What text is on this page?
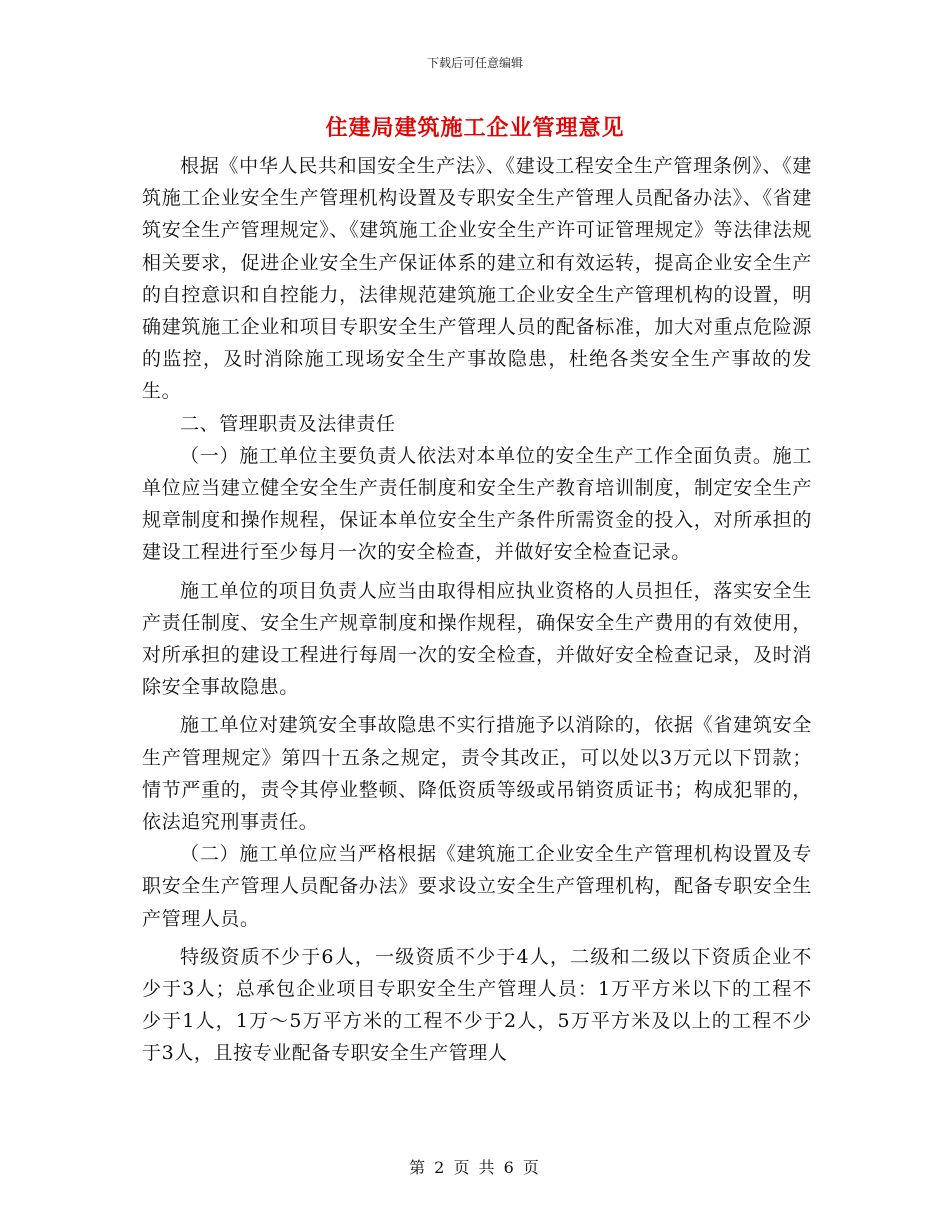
下载后可任意编辑
住建局建筑施工企业管理意见

根据《中华人民共和国安全生产法》、《建设工程安全生产管理条例》、《建筑施工企业安全生产管理机构设置及专职安全生产管理人员配备办法》、《省建筑安全生产管理规定》、《建筑施工企业安全生产许可证管理规定》等法律法规相关要求，促进企业安全生产保证体系的建立和有效运转，提高企业安全生产的自控意识和自控能力，法律规范建筑施工企业安全生产管理机构的设置，明确建筑施工企业和项目专职安全生产管理人员的配备标准，加大对重点危险源的监控，及时消除施工现场安全生产事故隐患，杜绝各类安全生产事故的发生。

二、管理职责及法律责任

（一）施工单位主要负责人依法对本单位的安全生产工作全面负责。施工单位应当建立健全安全生产责任制度和安全生产教育培训制度，制定安全生产规章制度和操作规程，保证本单位安全生产条件所需资金的投入，对所承担的建设工程进行至少每月一次的安全检查，并做好安全检查记录。

施工单位的项目负责人应当由取得相应执业资格的人员担任，落实安全生产责任制度、安全生产规章制度和操作规程，确保安全生产费用的有效使用，对所承担的建设工程进行每周一次的安全检查，并做好安全检查记录，及时消除安全事故隐患。

施工单位对建筑安全事故隐患不实行措施予以消除的，依据《省建筑安全生产管理规定》第四十五条之规定，责令其改正，可以处以3万元以下罚款；情节严重的，责令其停业整顿、降低资质等级或吊销资质证书；构成犯罪的，依法追究刑事责任。

（二）施工单位应当严格根据《建筑施工企业安全生产管理机构设置及专职安全生产管理人员配备办法》要求设立安全生产管理机构，配备专职安全生产管理人员。

特级资质不少于6人，一级资质不少于4人，二级和二级以下资质企业不少于3人；总承包企业项目专职安全生产管理人员：1万平方米以下的工程不少于1人，1万～5万平方米的工程不少于2人，5万平方米及以上的工程不少于3人，且按专业配备专职安全生产管理人

第 2 页 共 6 页
